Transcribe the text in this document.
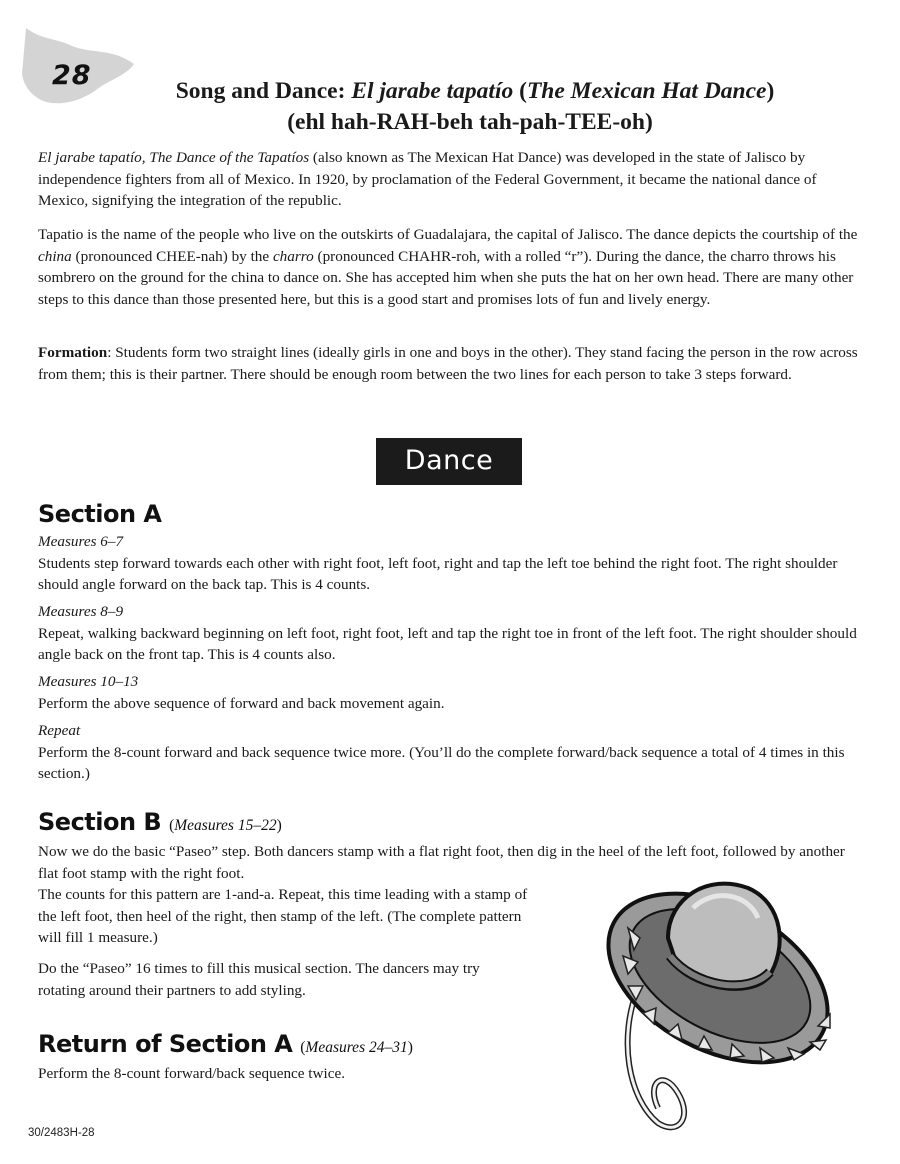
28	Song and Dance: El jarabe tapatío (The Mexican Hat Dance)
(ehl hah-RAH-beh tah-pah-TEE-oh)

El jarabe tapatío, The Dance of the Tapatíos (also known as The Mexican Hat Dance) was developed in the state of Jalisco by independence fighters from all of Mexico. In 1920, by proclamation of the Federal Government, it became the national dance of Mexico, signifying the integration of the republic.

Tapatio is the name of the people who live on the outskirts of Guadalajara, the capital of Jalisco. The dance depicts the courtship of the china (pronounced CHEE-nah) by the charro (pronounced CHAHR-roh, with a rolled “r”). During the dance, the charro throws his sombrero on the ground for the china to dance on. She has accepted him when she puts the hat on her own head. There are many other steps to this dance than those presented here, but this is a good start and promises lots of fun and lively energy.

Formation: Students form two straight lines (ideally girls in one and boys in the other). They stand facing the person in the row across from them; this is their partner. There should be enough room between the two lines for each person to take 3 steps forward.

Dance
Section A
Measures 6–7
Students step forward towards each other with right foot, left foot, right and tap the left toe behind the right foot. The right shoulder should angle forward on the back tap. This is 4 counts.
Measures 8–9
Repeat, walking backward beginning on left foot, right foot, left and tap the right toe in front of the left foot. The right shoulder should angle back on the front tap. This is 4 counts also.
Measures 10–13
Perform the above sequence of forward and back movement again.
Repeat
Perform the 8-count forward and back sequence twice more. (You’ll do the complete forward/back sequence a total of 4 times in this section.)
Section B (Measures 15–22)
Now we do the basic “Paseo” step. Both dancers stamp with a flat right foot, then dig in the heel of the left foot, followed by another flat foot stamp with the right foot.
The counts for this pattern are 1-and-a. Repeat, this time leading with a stamp of the left foot, then heel of the right, then stamp of the left. (The complete pattern will fill 1 measure.)
Do the “Paseo” 16 times to fill this musical section. The dancers may try rotating around their partners to add styling.
Return of Section A (Measures 24–31)
Perform the 8-count forward/back sequence twice.
30/2483H-28
